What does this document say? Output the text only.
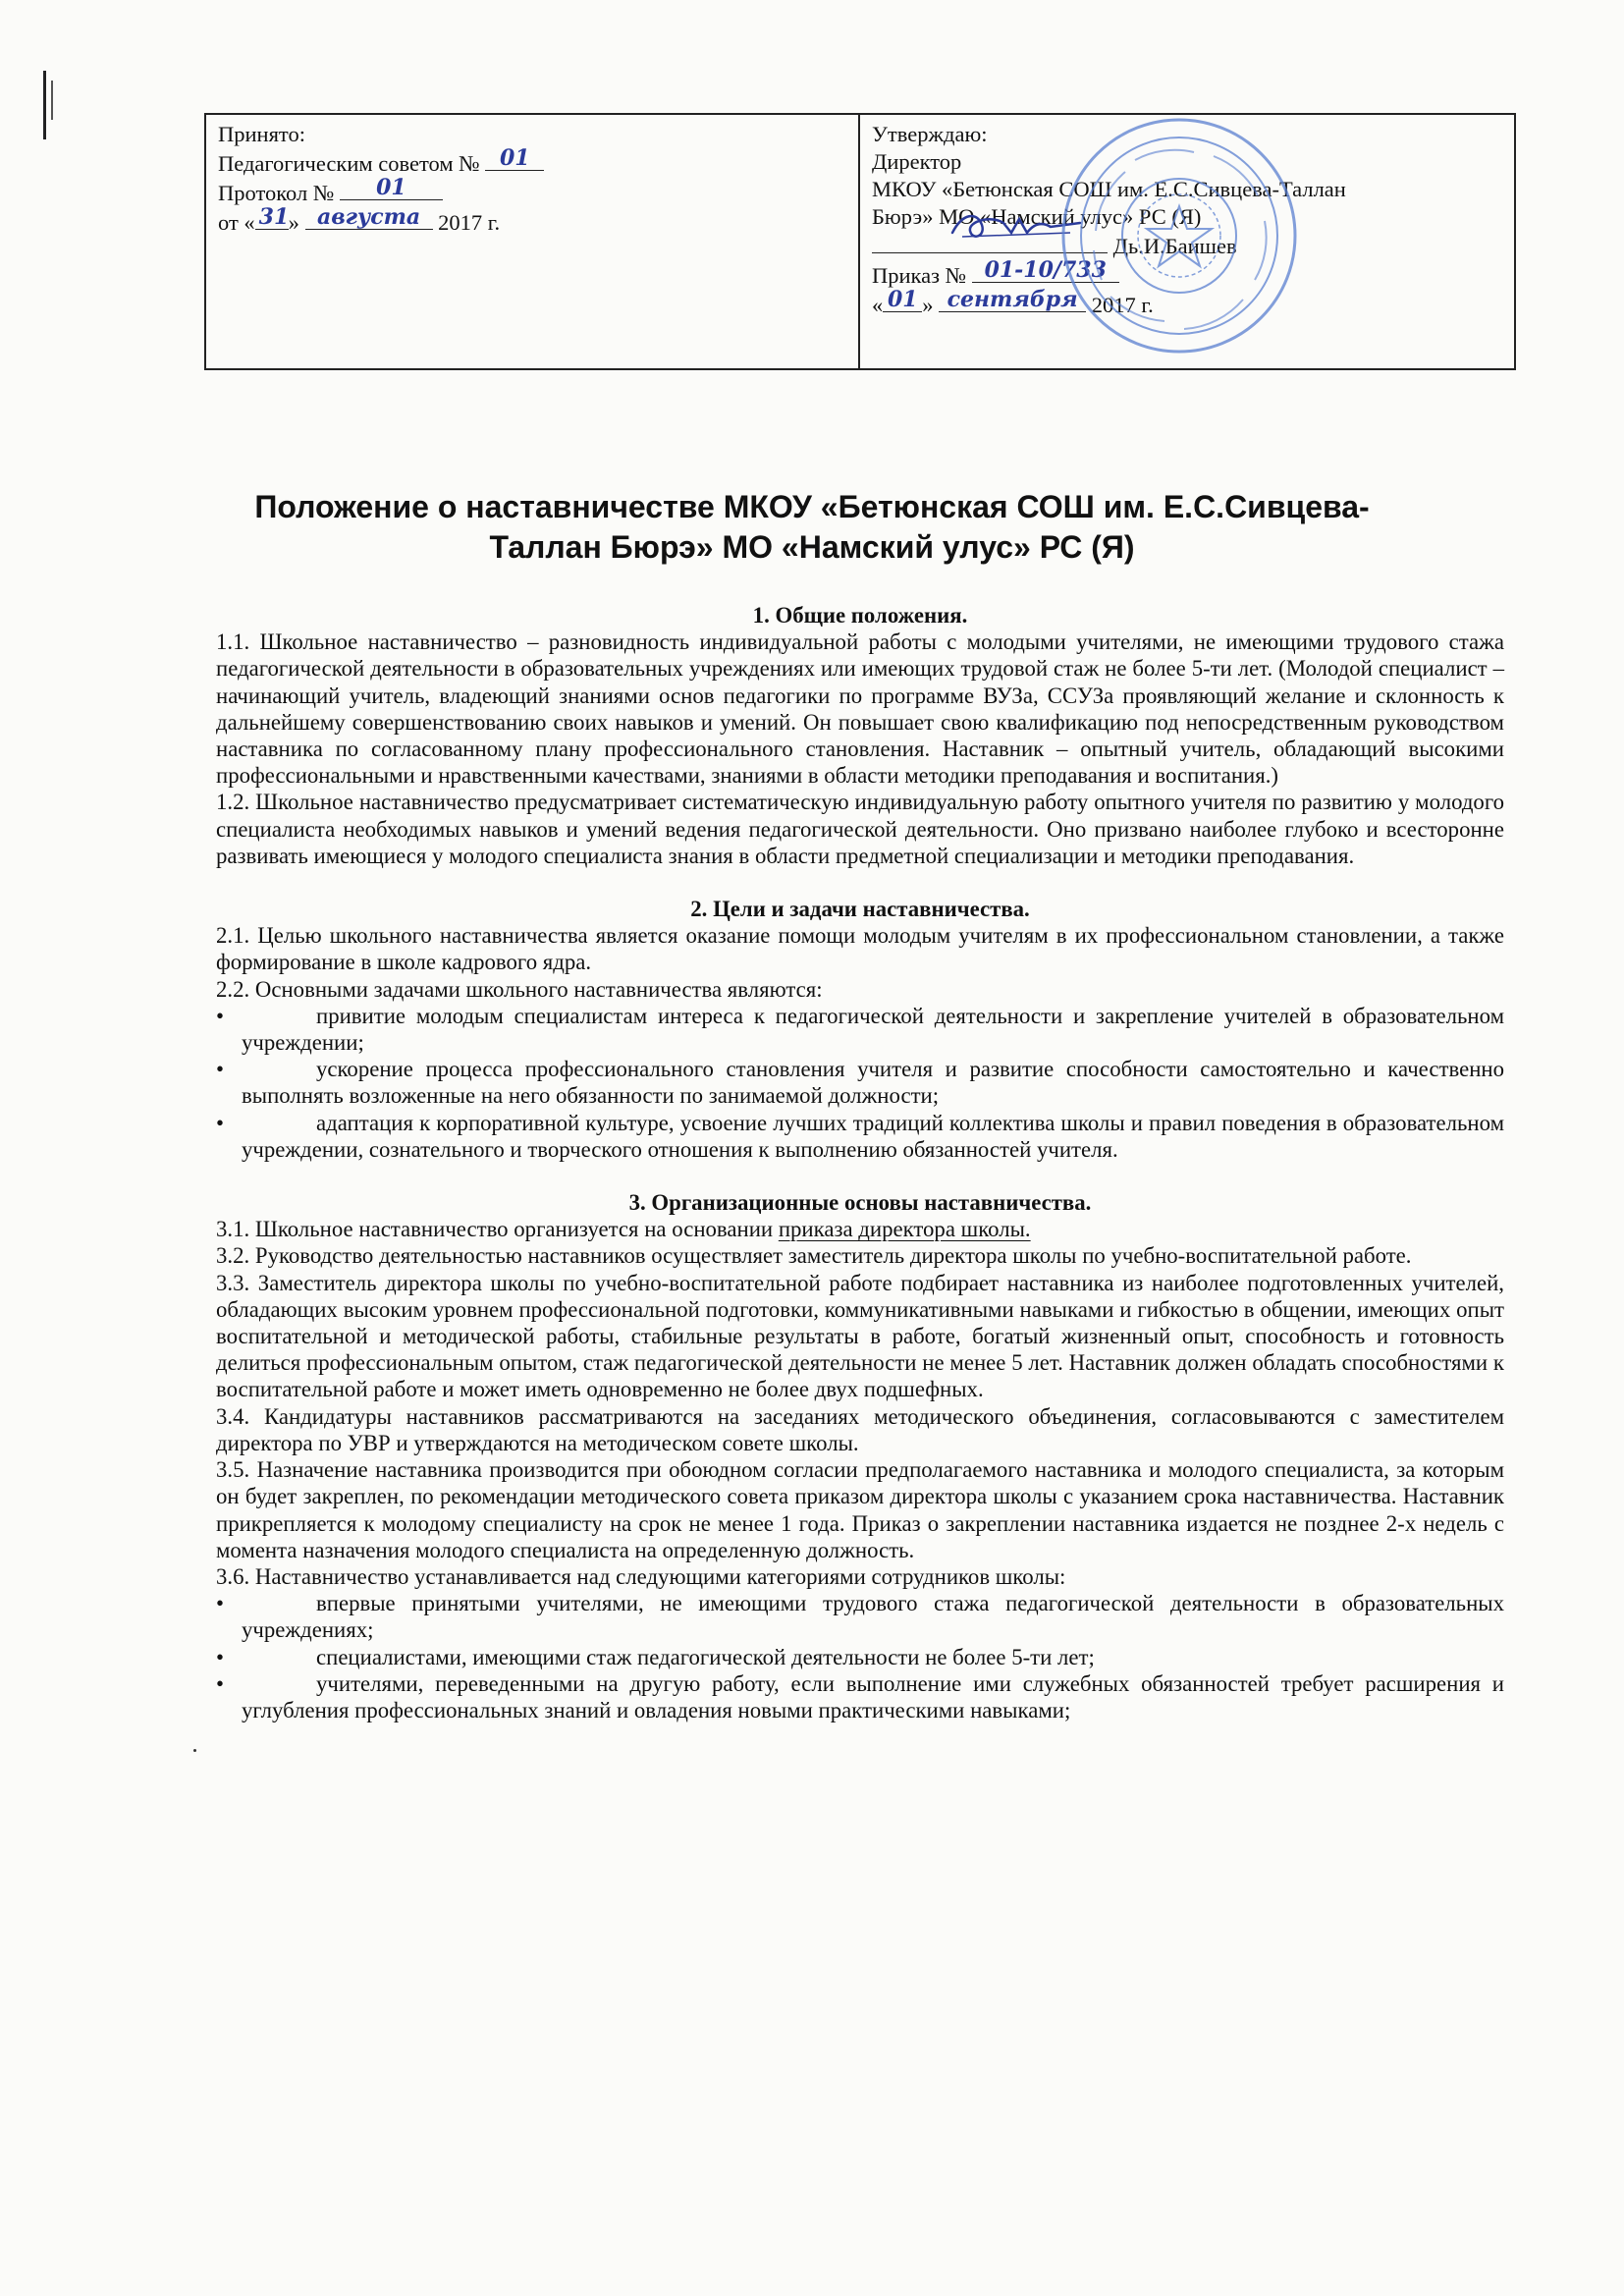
Принято:
Педагогическим советом № 01
Протокол №	01
от « 31 » августа 2017 г.
Утверждаю:
Директор
МКОУ «Бетюнская СОШ им. Е.С.Сивцева-Таллан
Бюрэ» МО «Намский улус» РС (Я)
Дь.И.Баишев
Приказ № 01-10/733
« 01 » сентября 2017 г.
Положение о наставничестве МКОУ «Бетюнская СОШ им. Е.С.Сивцева-
Таллан Бюрэ» МО «Намский улус» РС (Я)

1. Общие положения.

1.1. Школьное наставничество – разновидность индивидуальной работы с молодыми учителями, не имеющими трудового стажа педагогической деятельности в образовательных учреждениях или имеющих трудовой стаж не более 5-ти лет. (Молодой специалист – начинающий учитель, владеющий знаниями основ педагогики по программе ВУЗа, ССУЗа проявляющий желание и склонность к дальнейшему совершенствованию своих навыков и умений. Он повышает свою квалификацию под непосредственным руководством наставника по согласованному плану профессионального становления. Наставник – опытный учитель, обладающий высокими профессиональными и нравственными качествами, знаниями в области методики преподавания и воспитания.)

1.2. Школьное наставничество предусматривает систематическую индивидуальную работу опытного учителя по развитию у молодого специалиста необходимых навыков и умений ведения педагогической деятельности. Оно призвано наиболее глубоко и всесторонне развивать имеющиеся у молодого специалиста знания в области предметной специализации и методики преподавания.

2. Цели и задачи наставничества.

2.1. Целью школьного наставничества является оказание помощи молодым учителям в их профессиональном становлении, а также формирование в школе кадрового ядра.

2.2. Основными задачами школьного наставничества являются:

•	привитие молодым специалистам интереса к педагогической деятельности и закрепление учителей в образовательном учреждении;
•	ускорение процесса профессионального становления учителя и развитие способности самостоятельно и качественно выполнять возложенные на него обязанности по занимаемой должности;
•	адаптация к корпоративной культуре, усвоение лучших традиций коллектива школы и правил поведения в образовательном учреждении, сознательного и творческого отношения к выполнению обязанностей учителя.

3. Организационные основы наставничества.

3.1. Школьное наставничество организуется на основании приказа директора школы.

3.2. Руководство деятельностью наставников осуществляет заместитель директора школы по учебно-воспитательной работе.

3.3. Заместитель директора школы по учебно-воспитательной работе подбирает наставника из наиболее подготовленных учителей, обладающих высоким уровнем профессиональной подготовки, коммуникативными навыками и гибкостью в общении, имеющих опыт воспитательной и методической работы, стабильные результаты в работе, богатый жизненный опыт, способность и готовность делиться профессиональным опытом, стаж педагогической деятельности не менее 5 лет. Наставник должен обладать способностями к воспитательной работе и может иметь одновременно не более двух подшефных.

3.4. Кандидатуры наставников рассматриваются на заседаниях методического объединения, согласовываются с заместителем директора по УВР и утверждаются на методическом совете школы.

3.5. Назначение наставника производится при обоюдном согласии предполагаемого наставника и молодого специалиста, за которым он будет закреплен, по рекомендации методического совета приказом директора школы с указанием срока наставничества. Наставник прикрепляется к молодому специалисту на срок не менее 1 года. Приказ о закреплении наставника издается не позднее 2-х недель с момента назначения молодого специалиста на определенную должность.

3.6. Наставничество устанавливается над следующими категориями сотрудников школы:

•	впервые принятыми учителями, не имеющими трудового стажа педагогической деятельности в образовательных учреждениях;
•	специалистами, имеющими стаж педагогической деятельности не более 5-ти лет;
•	учителями, переведенными на другую работу, если выполнение ими служебных обязанностей требует расширения и углубления профессиональных знаний и овладения новыми практическими навыками;
